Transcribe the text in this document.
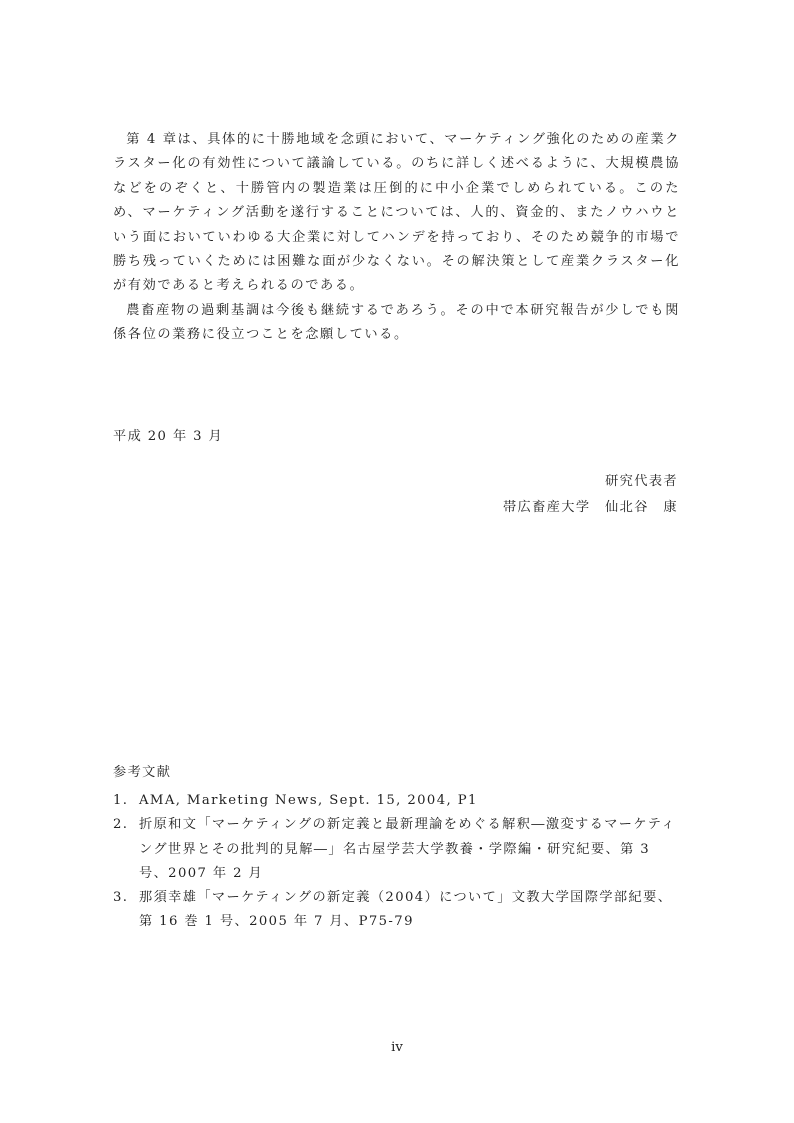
第 4 章は、具体的に十勝地域を念頭において、マーケティング強化のための産業クラスター化の有効性について議論している。のちに詳しく述べるように、大規模農協などをのぞくと、十勝管内の製造業は圧倒的に中小企業でしめられている。このため、マーケティング活動を遂行することについては、人的、資金的、またノウハウという面においていわゆる大企業に対してハンデを持っており、そのため競争的市場で勝ち残っていくためには困難な面が少なくない。その解決策として産業クラスター化が有効であると考えられるのである。

農畜産物の過剰基調は今後も継続するであろう。その中で本研究報告が少しでも関係各位の業務に役立つことを念願している。

平成 20 年 3 月
研究代表者
帯広畜産大学　仙北谷　康
参考文献
1. AMA, Marketing News, Sept. 15, 2004, P1
2. 折原和文「マーケティングの新定義と最新理論をめぐる解釈―激変するマーケティング世界とその批判的見解―」名古屋学芸大学教養・学際編・研究紀要、第 3 号、2007 年 2 月
3. 那須幸雄「マーケティングの新定義（2004）について」文教大学国際学部紀要、第 16 巻 1 号、2005 年 7 月、P75-79
iv
